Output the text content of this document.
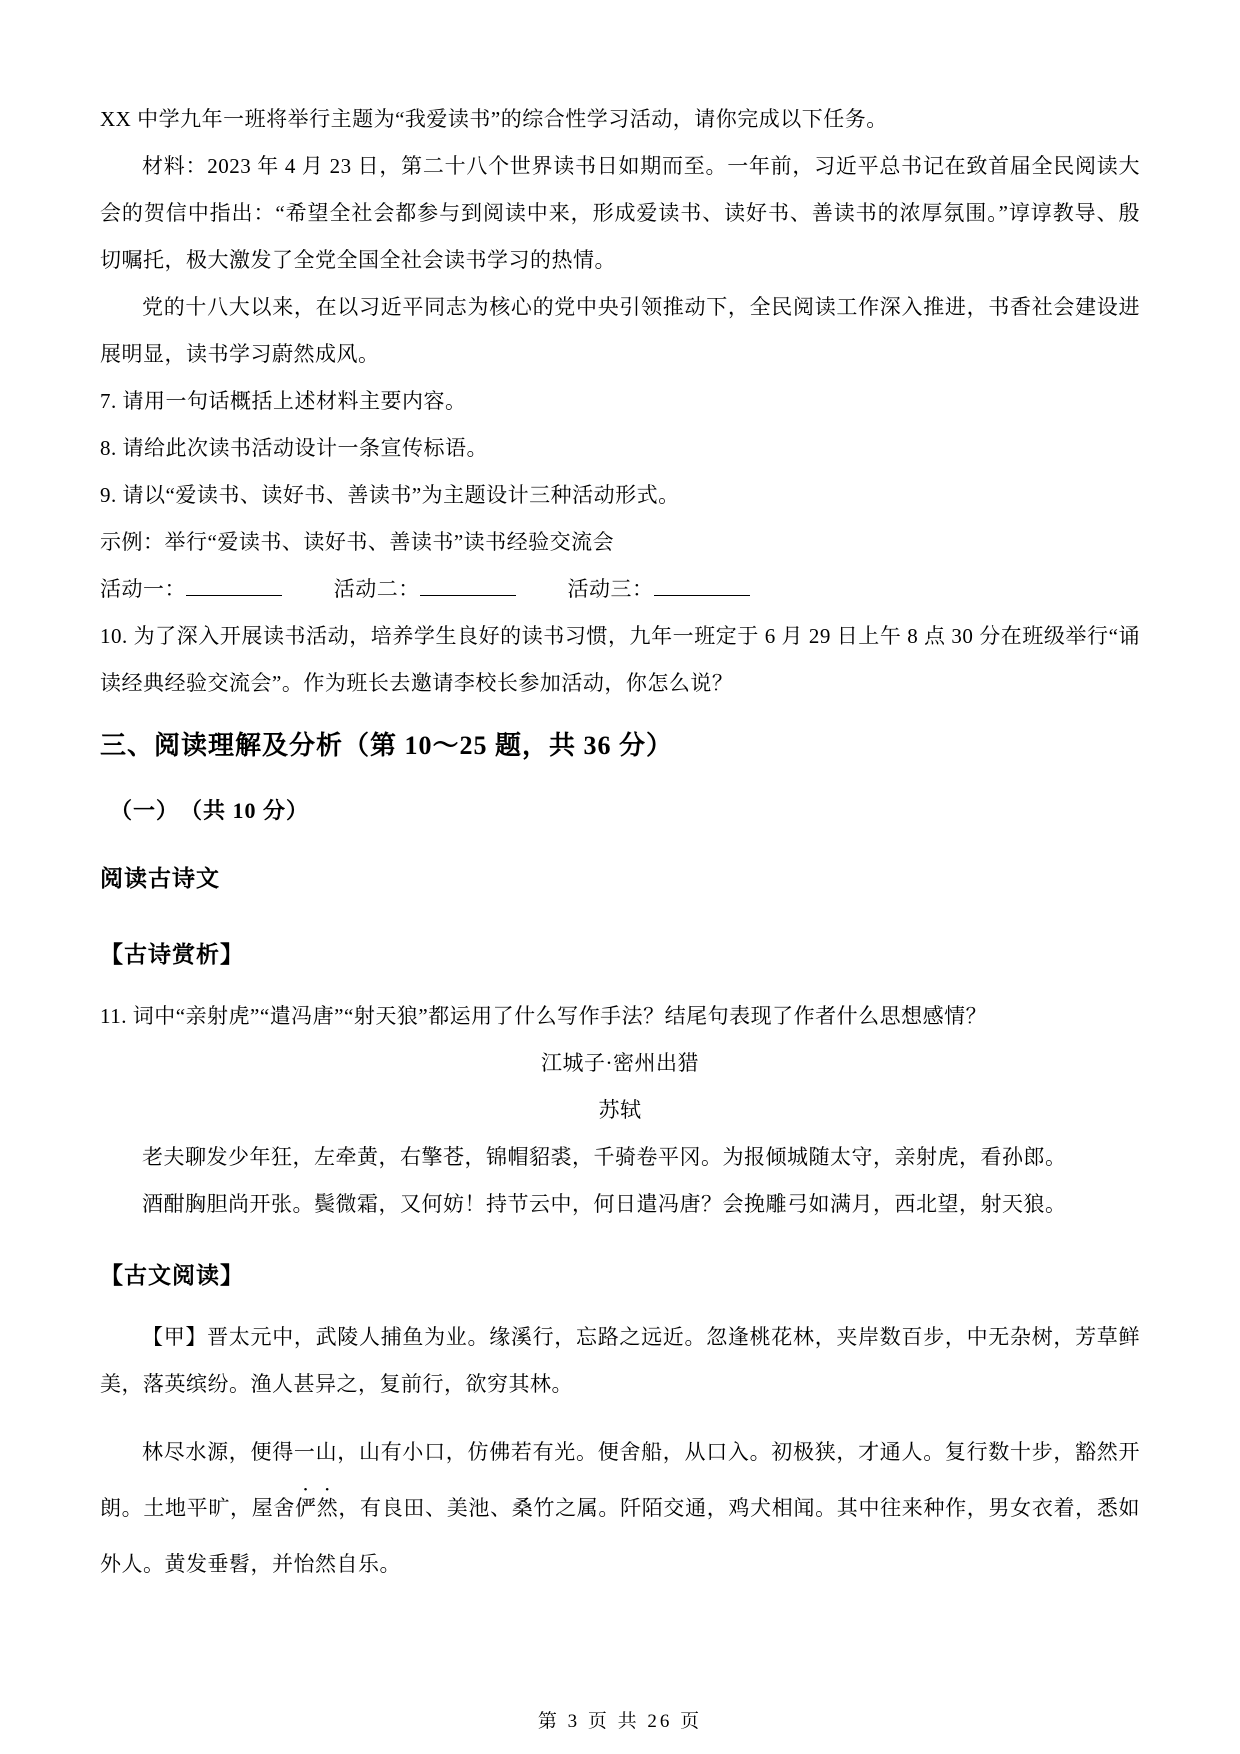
XX 中学九年一班将举行主题为“我爱读书”的综合性学习活动，请你完成以下任务。

材料：2023 年 4 月 23 日，第二十八个世界读书日如期而至。一年前，习近平总书记在致首届全民阅读大会的贺信中指出：“希望全社会都参与到阅读中来，形成爱读书、读好书、善读书的浓厚氛围。”谆谆教导、殷切嘱托，极大激发了全党全国全社会读书学习的热情。

党的十八大以来，在以习近平同志为核心的党中央引领推动下，全民阅读工作深入推进，书香社会建设进展明显，读书学习蔚然成风。

7. 请用一句话概括上述材料主要内容。

8. 请给此次读书活动设计一条宣传标语。

9. 请以“爱读书、读好书、善读书”为主题设计三种活动形式。

示例：举行“爱读书、读好书、善读书”读书经验交流会

活动一：	活动二：	活动三：

10. 为了深入开展读书活动，培养学生良好的读书习惯，九年一班定于 6 月 29 日上午 8 点 30 分在班级举行“诵读经典经验交流会”。作为班长去邀请李校长参加活动，你怎么说？

三、阅读理解及分析（第 10～25 题，共 36 分）
（一）　（共 10 分）
阅读古诗文
【古诗赏析】

11. 词中“亲射虎”“遣冯唐”“射天狼”都运用了什么写作手法？结尾句表现了作者什么思想感情？

江城子·密州出猎

苏轼

老夫聊发少年狂，左牵黄，右擎苍，锦帽貂裘，千骑卷平冈。为报倾城随太守，亲射虎，看孙郎。

酒酣胸胆尚开张。鬓微霜，又何妨！持节云中，何日遣冯唐？会挽雕弓如满月，西北望，射天狼。

【古文阅读】

【甲】晋太元中，武陵人捕鱼为业。缘溪行，忘路之远近。忽逢桃花林，夹岸数百步，中无杂树，芳草鲜美，落英缤纷。渔人甚异之，复前行，欲穷其林。

林尽水源，便得一山，山有小口，仿佛若有光。便舍船，从口入。初极狭，才通人。复行数十步，豁然开朗。土地平旷，屋舍俨然，有良田、美池、桑竹之属。阡陌交通，鸡犬相闻。其中往来种作，男女衣着，悉如外人。黄发垂髫，并怡然自乐。

第 3 页 共 26 页
